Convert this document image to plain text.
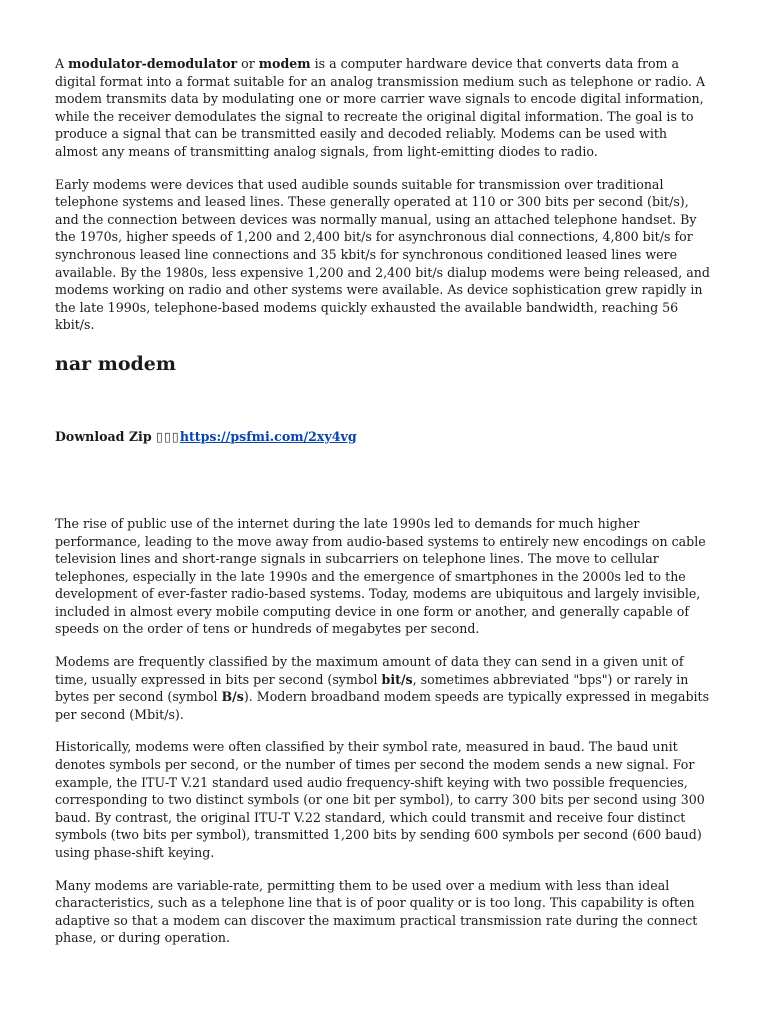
A modulator-demodulator or modem is a computer hardware device that converts data from a digital format into a format suitable for an analog transmission medium such as telephone or radio. A modem transmits data by modulating one or more carrier wave signals to encode digital information, while the receiver demodulates the signal to recreate the original digital information. The goal is to produce a signal that can be transmitted easily and decoded reliably. Modems can be used with almost any means of transmitting analog signals, from light-emitting diodes to radio.

Early modems were devices that used audible sounds suitable for transmission over traditional telephone systems and leased lines. These generally operated at 110 or 300 bits per second (bit/s), and the connection between devices was normally manual, using an attached telephone handset. By the 1970s, higher speeds of 1,200 and 2,400 bit/s for asynchronous dial connections, 4,800 bit/s for synchronous leased line connections and 35 kbit/s for synchronous conditioned leased lines were available. By the 1980s, less expensive 1,200 and 2,400 bit/s dialup modems were being released, and modems working on radio and other systems were available. As device sophistication grew rapidly in the late 1990s, telephone-based modems quickly exhausted the available bandwidth, reaching 56 kbit/s.

nar modem
Download Zip ▯▯▯https://psfmi.com/2xy4vg

The rise of public use of the internet during the late 1990s led to demands for much higher performance, leading to the move away from audio-based systems to entirely new encodings on cable television lines and short-range signals in subcarriers on telephone lines. The move to cellular telephones, especially in the late 1990s and the emergence of smartphones in the 2000s led to the development of ever-faster radio-based systems. Today, modems are ubiquitous and largely invisible, included in almost every mobile computing device in one form or another, and generally capable of speeds on the order of tens or hundreds of megabytes per second.

Modems are frequently classified by the maximum amount of data they can send in a given unit of time, usually expressed in bits per second (symbol bit/s, sometimes abbreviated "bps") or rarely in bytes per second (symbol B/s). Modern broadband modem speeds are typically expressed in megabits per second (Mbit/s).

Historically, modems were often classified by their symbol rate, measured in baud. The baud unit denotes symbols per second, or the number of times per second the modem sends a new signal. For example, the ITU-T V.21 standard used audio frequency-shift keying with two possible frequencies, corresponding to two distinct symbols (or one bit per symbol), to carry 300 bits per second using 300 baud. By contrast, the original ITU-T V.22 standard, which could transmit and receive four distinct symbols (two bits per symbol), transmitted 1,200 bits by sending 600 symbols per second (600 baud) using phase-shift keying.

Many modems are variable-rate, permitting them to be used over a medium with less than ideal characteristics, such as a telephone line that is of poor quality or is too long. This capability is often adaptive so that a modem can discover the maximum practical transmission rate during the connect phase, or during operation.
